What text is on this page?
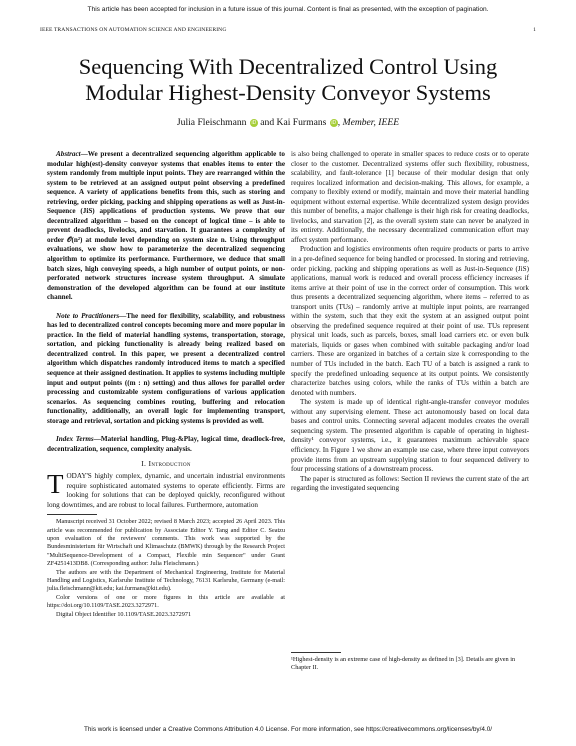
This article has been accepted for inclusion in a future issue of this journal. Content is final as presented, with the exception of pagination.
IEEE TRANSACTIONS ON AUTOMATION SCIENCE AND ENGINEERING	1
Sequencing With Decentralized Control Using Modular Highest-Density Conveyor Systems
Julia Fleischmann iD and Kai Furmans iD , Member, IEEE

Abstract—We present a decentralized sequencing algorithm applicable to modular high(est)-density conveyor systems that enables items to enter the system randomly from multiple input points. They are rearranged within the system to be retrieved at an assigned output point observing a predefined sequence. A variety of applications benefits from this, such as storing and retrieving, order picking, packing and shipping operations as well as Just-in-Sequence (JiS) applications of production systems. We prove that our decentralized algorithm – based on the concept of logical time – is able to prevent deadlocks, livelocks, and starvation. It guarantees a complexity of order 𝒪(n²) at module level depending on system size n. Using throughput evaluations, we show how to parameterize the decentralized sequencing algorithm to optimize its performance. Furthermore, we deduce that small batch sizes, high conveying speeds, a high number of output points, or non-perforated network structures increase system throughput. A simulate demonstration of the developed algorithm can be found at our institute channel.

Note to Practitioners—The need for flexibility, scalability, and robustness has led to decentralized control concepts becoming more and more popular in practice. In the field of material handling systems, transportation, storage, sortation, and picking functionality is already being realized based on decentralized control. In this paper, we present a decentralized control algorithm which dispatches randomly introduced items to match a specified sequence at their assigned destination. It applies to systems including multiple input and output points ((m : n) setting) and thus allows for parallel order processing and customizable system configurations of various application scenarios. As sequencing combines routing, buffering and relocation functionality, additionally, an overall logic for implementing transport, storage and retrieval, sortation and picking systems is provided as well.

Index Terms—Material handling, Plug-&Play, logical time, deadlock-free, decentralization, sequence, complexity analysis.

I. Introduction

TODAY'S highly complex, dynamic, and uncertain industrial environments require sophisticated automated systems to operate efficiently. Firms are looking for solutions that can be deployed quickly, reconfigured without long downtimes, and are robust to local failures. Furthermore, automation

Manuscript received 31 October 2022; revised 8 March 2023; accepted 26 April 2023. This article was recommended for publication by Associate Editor Y. Tang and Editor C. Seatzu upon evaluation of the reviewers' comments. This work was supported by the Bundesministerium für Wirtschaft und Klimaschutz (BMWK) through by the Research Project "MultiSequence-Development of a Compact, Flexible min Sequencer" under Grant ZF4251413DB8. (Corresponding author: Julia Fleischmann.)

The authors are with the Department of Mechanical Engineering, Institute for Material Handling and Logistics, Karlsruhe Institute of Technology, 76131 Karlsruhe, Germany (e-mail: julia.fleischmann@kit.edu; kai.furmans@kit.edu).

Color versions of one or more figures in this article are available at https://doi.org/10.1109/TASE.2023.3272971.

Digital Object Identifier 10.1109/TASE.2023.3272971

is also being challenged to operate in smaller spaces to reduce costs or to operate closer to the customer. Decentralized systems offer such flexibility, robustness, scalability, and fault-tolerance [1] because of their modular design that only requires localized information and decision-making. This allows, for example, a company to flexibly extend or modify, maintain and move their material handling equipment without external expertise. While decentralized system design provides this number of benefits, a major challenge is their high risk for creating deadlocks, livelocks, and starvation [2], as the overall system state can never be analyzed in its entirety. Additionally, the necessary decentralized communication effort may affect system performance.

Production and logistics environments often require products or parts to arrive in a pre-defined sequence for being handled or processed. In storing and retrieving, order picking, packing and shipping operations as well as Just-in-Sequence (JiS) applications, manual work is reduced and overall process efficiency increases if items arrive at their point of use in the correct order of consumption. This work thus presents a decentralized sequencing algorithm, where items – referred to as transport units (TUs) – randomly arrive at multiple input points, are rearranged within the system, such that they exit the system at an assigned output point observing the predefined sequence required at their point of use. TUs represent physical unit loads, such as parcels, boxes, small load carriers etc. or even bulk materials, liquids or gases when combined with suitable packaging and/or load carriers. These are organized in batches of a certain size k corresponding to the number of TUs included in the batch. Each TU of a batch is assigned a rank to specify the predefined unloading sequence at its output points. We consistently characterize batches using colors, while the ranks of TUs within a batch are denoted with numbers.

The system is made up of identical right-angle-transfer conveyor modules without any supervising element. These act autonomously based on local data bases and control units. Connecting several adjacent modules creates the overall sequencing system. The presented algorithm is capable of operating in highest-density¹ conveyor systems, i.e., it guarantees maximum achievable space efficiency. In Figure 1 we show an example use case, where three input conveyors provide items from an upstream supplying station to four sequenced delivery to four processing stations of a downstream process.

The paper is structured as follows: Section II reviews the current state of the art regarding the investigated sequencing

¹Highest-density is an extreme case of high-density as defined in [3]. Details are given in Chapter II.

This work is licensed under a Creative Commons Attribution 4.0 License. For more information, see https://creativecommons.org/licenses/by/4.0/
